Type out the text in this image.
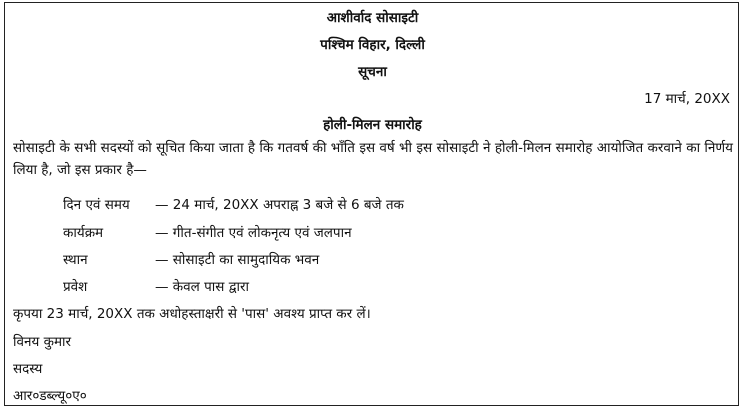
आशीर्वाद सोसाइटी
पश्चिम विहार, दिल्ली
सूचना
17 मार्च, 20XX
होली-मिलन समारोह
सोसाइटी के सभी सदस्यों को सूचित किया जाता है कि गतवर्ष की भाँति इस वर्ष भी इस सोसाइटी ने होली-मिलन समारोह आयोजित करवाने का निर्णय लिया है, जो इस प्रकार है—
दिन एवं समय — 24 मार्च, 20XX अपराह्न 3 बजे से 6 बजे तक
कार्यक्रम	— गीत-संगीत एवं लोकनृत्य एवं जलपान
स्थान	— सोसाइटी का सामुदायिक भवन
प्रवेश	— केवल पास द्वारा
कृपया 23 मार्च, 20XX तक अधोहस्ताक्षरी से 'पास' अवश्य प्राप्त कर लें।
विनय कुमार
सदस्य
आर०डब्ल्यू०ए०
